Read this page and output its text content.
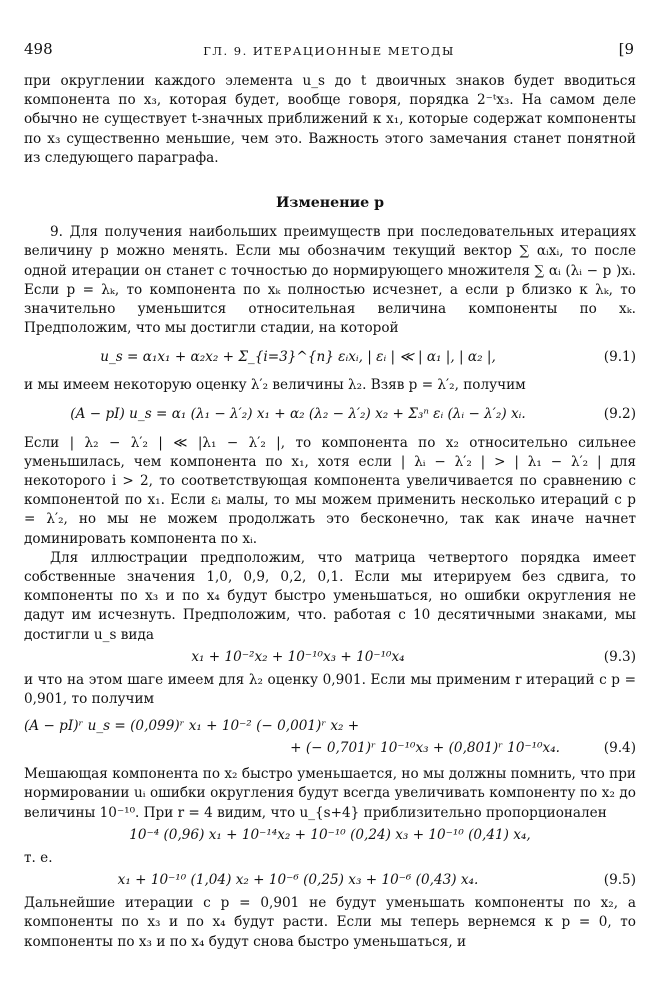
498	ГЛ. 9. ИТЕРАЦИОННЫЕ МЕТОДЫ	[9

при округлении каждого элемента u_s до t двоичных знаков будет вводиться компонента по x₃, которая будет, вообще говоря, порядка 2⁻ᵗx₃. На самом деле обычно не существует t-значных приближений к x₁, которые содержат компоненты по x₃ существенно меньшие, чем это. Важность этого замечания станет понятной из следующего параграфа.

Изменение p

9. Для получения наибольших преимуществ при последовательных итерациях величину p можно менять. Если мы обозначим текущий вектор ∑ αᵢxᵢ, то после одной итерации он станет с точностью до нормирующего множителя ∑ αᵢ (λᵢ − p )xᵢ. Если p = λₖ, то компонента по xₖ полностью исчезнет, а если p близко к λₖ, то значительно уменьшится относительная величина компоненты по xₖ. Предположим, что мы достигли стадии, на которой

u_s = α₁x₁ + α₂x₂ + Σ_{i=3}^{n} εᵢxᵢ, | εᵢ | ≪ | α₁ |, | α₂ |,	(9.1)

и мы имеем некоторую оценку λ′₂ величины λ₂. Взяв p = λ′₂, получим

(A − pI) u_s = α₁ (λ₁ − λ′₂) x₁ + α₂ (λ₂ − λ′₂) x₂ + Σ₃ⁿ εᵢ (λᵢ − λ′₂) xᵢ.	(9.2)

Если | λ₂ − λ′₂ | ≪ |λ₁ − λ′₂ |, то компонента по x₂ относительно сильнее уменьшилась, чем компонента по x₁, хотя если | λᵢ − λ′₂ | > | λ₁ − λ′₂ | для некоторого i > 2, то соответствующая компонента увеличивается по сравнению с компонентой по x₁. Если εᵢ малы, то мы можем применить несколько итераций с p = λ′₂, но мы не можем продолжать это бесконечно, так как иначе начнет доминировать компонента по xᵢ.

Для иллюстрации предположим, что матрица четвертого порядка имеет собственные значения 1,0, 0,9, 0,2, 0,1. Если мы итерируем без сдвига, то компоненты по x₃ и по x₄ будут быстро уменьшаться, но ошибки округления не дадут им исчезнуть. Предположим, что. работая с 10 десятичными знаками, мы достигли u_s вида

x₁ + 10⁻²x₂ + 10⁻¹⁰x₃ + 10⁻¹⁰x₄	(9.3)

и что на этом шаге имеем для λ₂ оценку 0,901. Если мы применим r итераций с p = 0,901, то получим

(A − pI)ʳ u_s = (0,099)ʳ x₁ + 10⁻² (− 0,001)ʳ x₂ +
+ (− 0,701)ʳ 10⁻¹⁰x₃ + (0,801)ʳ 10⁻¹⁰x₄.	(9.4)

Мешающая компонента по x₂ быстро уменьшается, но мы должны помнить, что при нормировании uᵢ ошибки округления будут всегда увеличивать компоненту по x₂ до величины 10⁻¹⁰. При r = 4 видим, что u_{s+4} приблизительно пропорционален

10⁻⁴ (0,96) x₁ + 10⁻¹⁴x₂ + 10⁻¹⁰ (0,24) x₃ + 10⁻¹⁰ (0,41) x₄,

т. е.

x₁ + 10⁻¹⁰ (1,04) x₂ + 10⁻⁶ (0,25) x₃ + 10⁻⁶ (0,43) x₄.	(9.5)

Дальнейшие итерации с p = 0,901 не будут уменьшать компоненты по x₂, а компоненты по x₃ и по x₄ будут расти. Если мы теперь вернемся к p = 0, то компоненты по x₃ и по x₄ будут снова быстро уменьшаться, и
